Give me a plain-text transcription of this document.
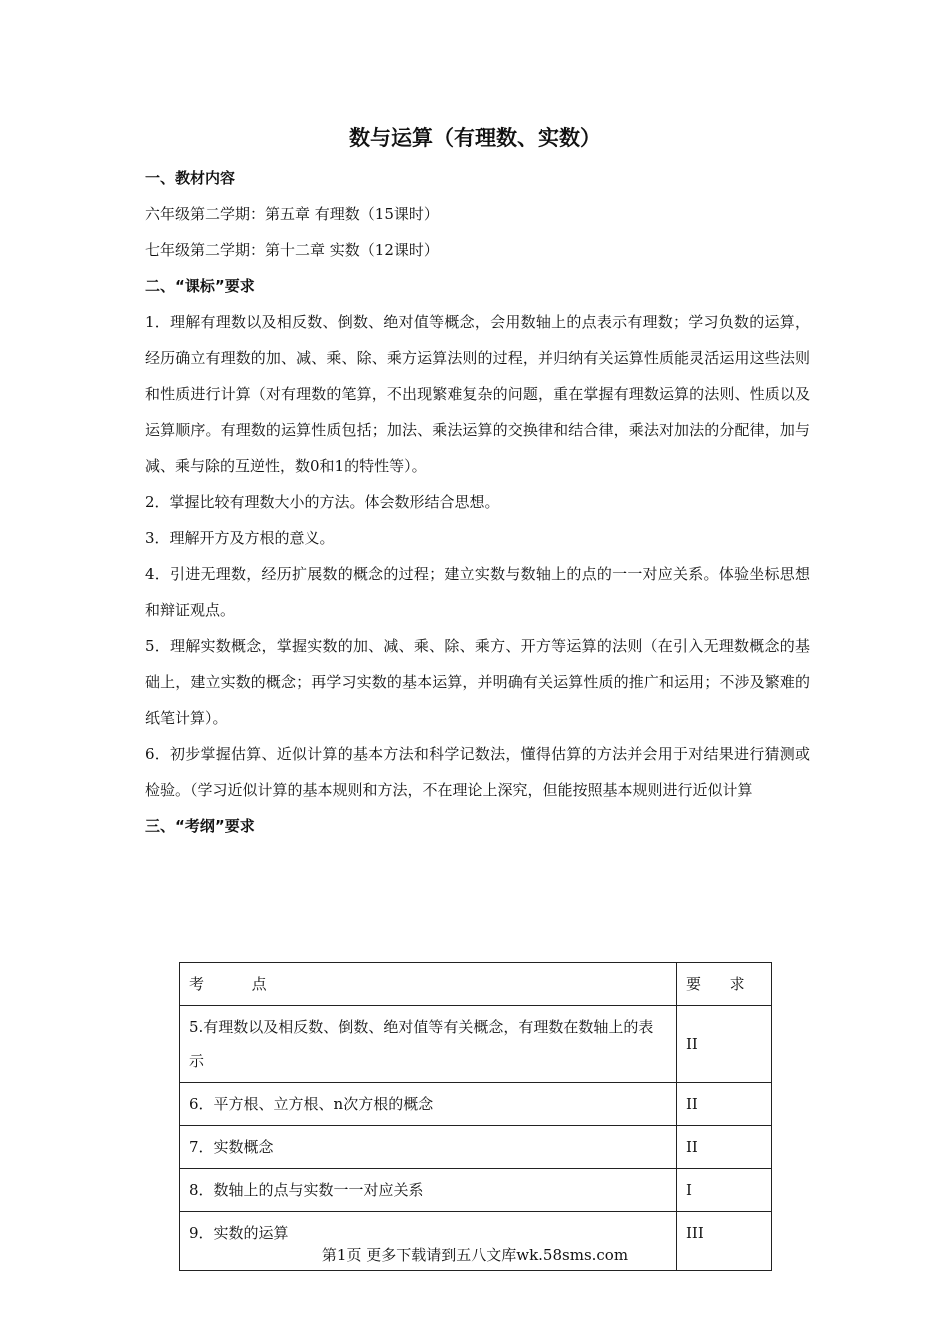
数与运算（有理数、实数）
一、教材内容

六年级第二学期：第五章 有理数（15课时）

七年级第二学期：第十二章 实数（12课时）

二、“课标”要求

1．理解有理数以及相反数、倒数、绝对值等概念，会用数轴上的点表示有理数；学习负数的运算，经历确立有理数的加、减、乘、除、乘方运算法则的过程，并归纳有关运算性质能灵活运用这些法则和性质进行计算（对有理数的笔算，不出现繁难复杂的问题，重在掌握有理数运算的法则、性质以及运算顺序。有理数的运算性质包括；加法、乘法运算的交换律和结合律，乘法对加法的分配律，加与减、乘与除的互逆性，数0和1的特性等）。

2．掌握比较有理数大小的方法。体会数形结合思想。

3．理解开方及方根的意义。

4．引进无理数，经历扩展数的概念的过程；建立实数与数轴上的点的一一对应关系。体验坐标思想和辩证观点。

5．理解实数概念，掌握实数的加、减、乘、除、乘方、开方等运算的法则（在引入无理数概念的基础上，建立实数的概念；再学习实数的基本运算，并明确有关运算性质的推广和运用；不涉及繁难的纸笔计算）。

6．初步掌握估算、近似计算的基本方法和科学记数法，懂得估算的方法并会用于对结果进行猜测或检验。（学习近似计算的基本规则和方法，不在理论上深究，但能按照基本规则进行近似计算

三、“考纲”要求
考          点	要      求
5.有理数以及相反数、倒数、绝对值等有关概念，有理数在数轴上的表示	II
6．平方根、立方根、n次方根的概念	II
7．实数概念	II
8．数轴上的点与实数一一对应关系	I
9．实数的运算	III
第1页 更多下载请到五八文库wk.58sms.com
